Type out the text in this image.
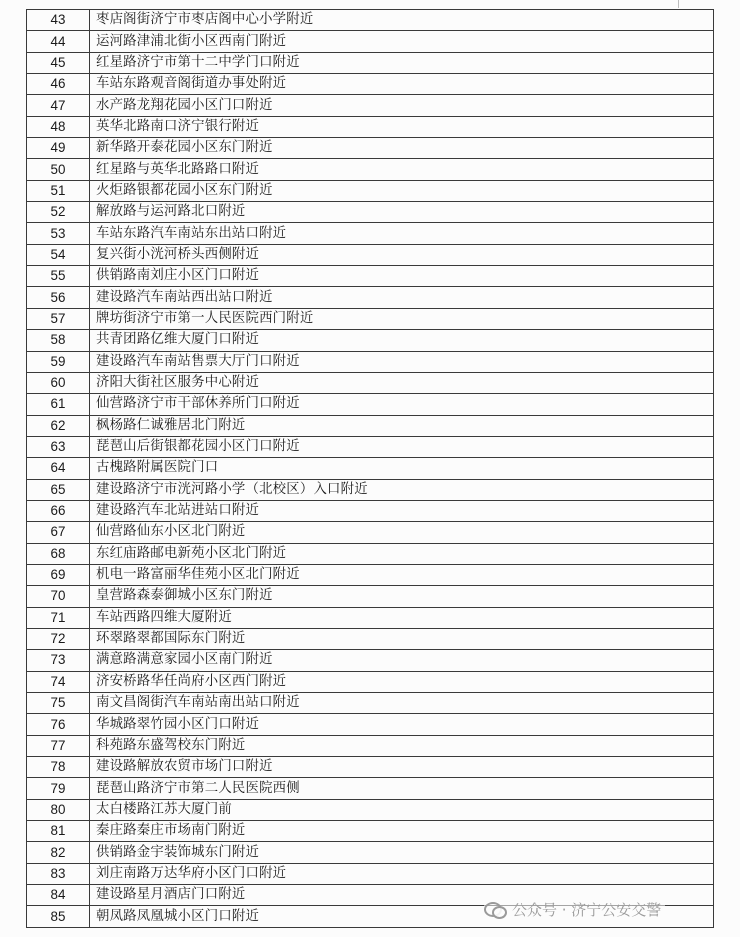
43	枣店阁街济宁市枣店阁中心小学附近
44	运河路津浦北街小区西南门附近
45	红星路济宁市第十二中学门口附近
46	车站东路观音阁街道办事处附近
47	水产路龙翔花园小区门口附近
48	英华北路南口济宁银行附近
49	新华路开泰花园小区东门附近
50	红星路与英华北路路口附近
51	火炬路银都花园小区东门附近
52	解放路与运河路北口附近
53	车站东路汽车南站东出站口附近
54	复兴街小洸河桥头西侧附近
55	供销路南刘庄小区门口附近
56	建设路汽车南站西出站口附近
57	牌坊街济宁市第一人民医院西门附近
58	共青团路亿维大厦门口附近
59	建设路汽车南站售票大厅门口附近
60	济阳大街社区服务中心附近
61	仙营路济宁市干部休养所门口附近
62	枫杨路仁诚雅居北门附近
63	琵琶山后街银都花园小区门口附近
64	古槐路附属医院门口
65	建设路济宁市洸河路小学（北校区）入口附近
66	建设路汽车北站进站口附近
67	仙营路仙东小区北门附近
68	东红庙路邮电新苑小区北门附近
69	机电一路富丽华佳苑小区北门附近
70	皇营路森泰御城小区东门附近
71	车站西路四维大厦附近
72	环翠路翠都国际东门附近
73	满意路满意家园小区南门附近
74	济安桥路华任尚府小区西门附近
75	南文昌阁街汽车南站南出站口附近
76	华城路翠竹园小区门口附近
77	科苑路东盛驾校东门附近
78	建设路解放农贸市场门口附近
79	琵琶山路济宁市第二人民医院西侧
80	太白楼路江苏大厦门前
81	秦庄路秦庄市场南门附近
82	供销路金宇装饰城东门附近
83	刘庄南路万达华府小区门口附近
84	建设路星月酒店门口附近
85	朝凤路凤凰城小区门口附近	公众号 · 济宁公安交警
